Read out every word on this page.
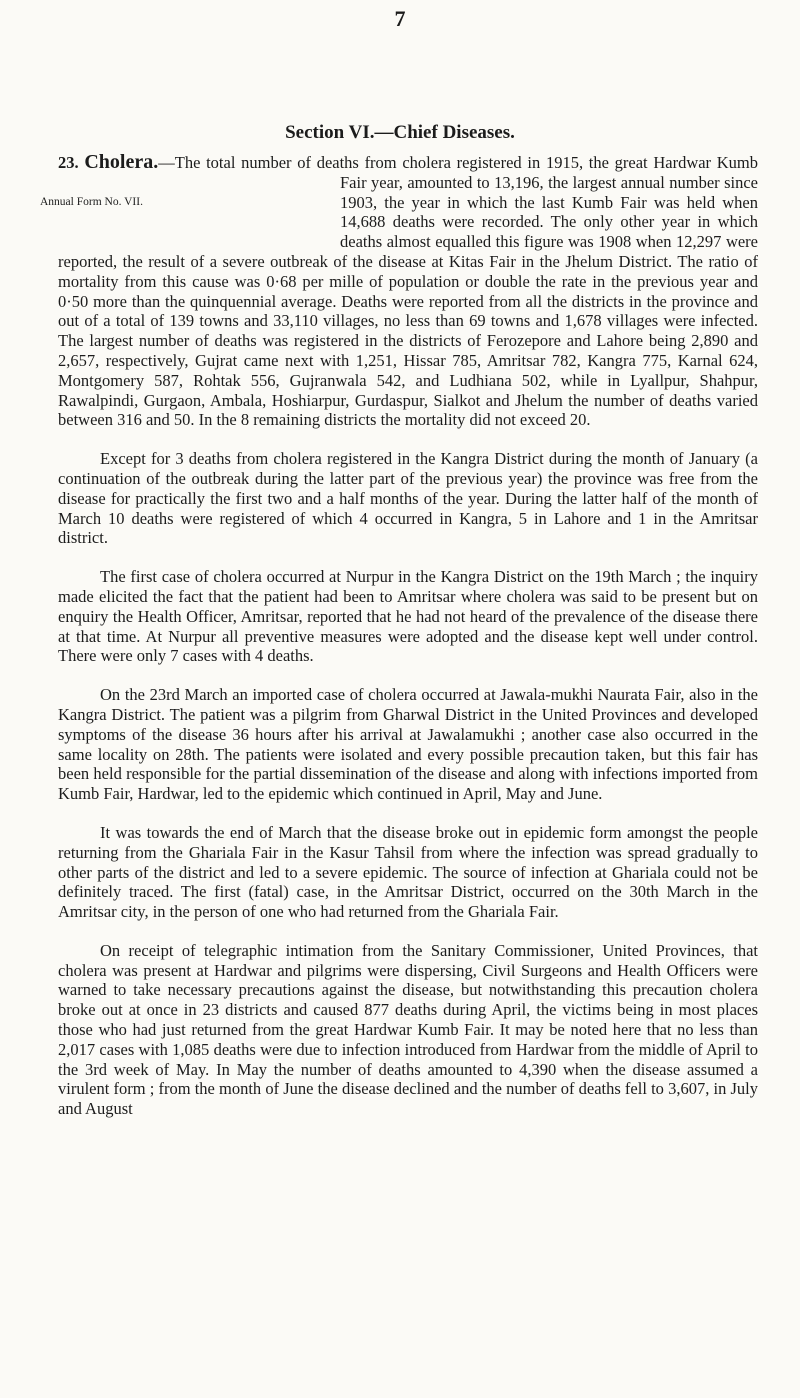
7
Section VI.—Chief Diseases.

23. Cholera.—The total number of deaths from cholera registered in
Annual Form No. VII.
1915, the great Hardwar Kumb Fair year, amounted to 13,196, the largest annual number since 1903, the year in which the last Kumb Fair was held when 14,688 deaths were recorded. The only other year in which deaths almost equalled this figure was 1908 when 12,297 were reported, the result of a severe outbreak of the disease at Kitas Fair in the Jhelum District. The ratio of mortality from this cause was 0·68 per mille of population or double the rate in the previous year and 0·50 more than the quinquennial average. Deaths were reported from all the districts in the province and out of a total of 139 towns and 33,110 villages, no less than 69 towns and 1,678 villages were infected. The largest number of deaths was registered in the districts of Ferozepore and Lahore being 2,890 and 2,657, respectively, Gujrat came next with 1,251, Hissar 785, Amritsar 782, Kangra 775, Karnal 624, Montgomery 587, Rohtak 556, Gujranwala 542, and Ludhiana 502, while in Lyallpur, Shahpur, Rawalpindi, Gurgaon, Ambala, Hoshiarpur, Gurdaspur, Sialkot and Jhelum the number of deaths varied between 316 and 50. In the 8 remaining districts the mortality did not exceed 20.

Except for 3 deaths from cholera registered in the Kangra District during the month of January (a continuation of the outbreak during the latter part of the previous year) the province was free from the disease for practically the first two and a half months of the year. During the latter half of the month of March 10 deaths were registered of which 4 occurred in Kangra, 5 in Lahore and 1 in the Amritsar district.

The first case of cholera occurred at Nurpur in the Kangra District on the 19th March ; the inquiry made elicited the fact that the patient had been to Amritsar where cholera was said to be present but on enquiry the Health Officer, Amritsar, reported that he had not heard of the prevalence of the disease there at that time. At Nurpur all preventive measures were adopted and the disease kept well under control. There were only 7 cases with 4 deaths.

On the 23rd March an imported case of cholera occurred at Jawala-mukhi Naurata Fair, also in the Kangra District. The patient was a pilgrim from Gharwal District in the United Provinces and developed symptoms of the disease 36 hours after his arrival at Jawalamukhi ; another case also occurred in the same locality on 28th. The patients were isolated and every possible precaution taken, but this fair has been held responsible for the partial dissemination of the disease and along with infections imported from Kumb Fair, Hardwar, led to the epidemic which continued in April, May and June.

It was towards the end of March that the disease broke out in epidemic form amongst the people returning from the Ghariala Fair in the Kasur Tahsil from where the infection was spread gradually to other parts of the district and led to a severe epidemic. The source of infection at Ghariala could not be definitely traced. The first (fatal) case, in the Amritsar District, occurred on the 30th March in the Amritsar city, in the person of one who had returned from the Ghariala Fair.

On receipt of telegraphic intimation from the Sanitary Commissioner, United Provinces, that cholera was present at Hardwar and pilgrims were dispersing, Civil Surgeons and Health Officers were warned to take necessary precautions against the disease, but notwithstanding this precaution cholera broke out at once in 23 districts and caused 877 deaths during April, the victims being in most places those who had just returned from the great Hardwar Kumb Fair. It may be noted here that no less than 2,017 cases with 1,085 deaths were due to infection introduced from Hardwar from the middle of April to the 3rd week of May. In May the number of deaths amounted to 4,390 when the disease assumed a virulent form ; from the month of June the disease declined and the number of deaths fell to 3,607, in July and August
